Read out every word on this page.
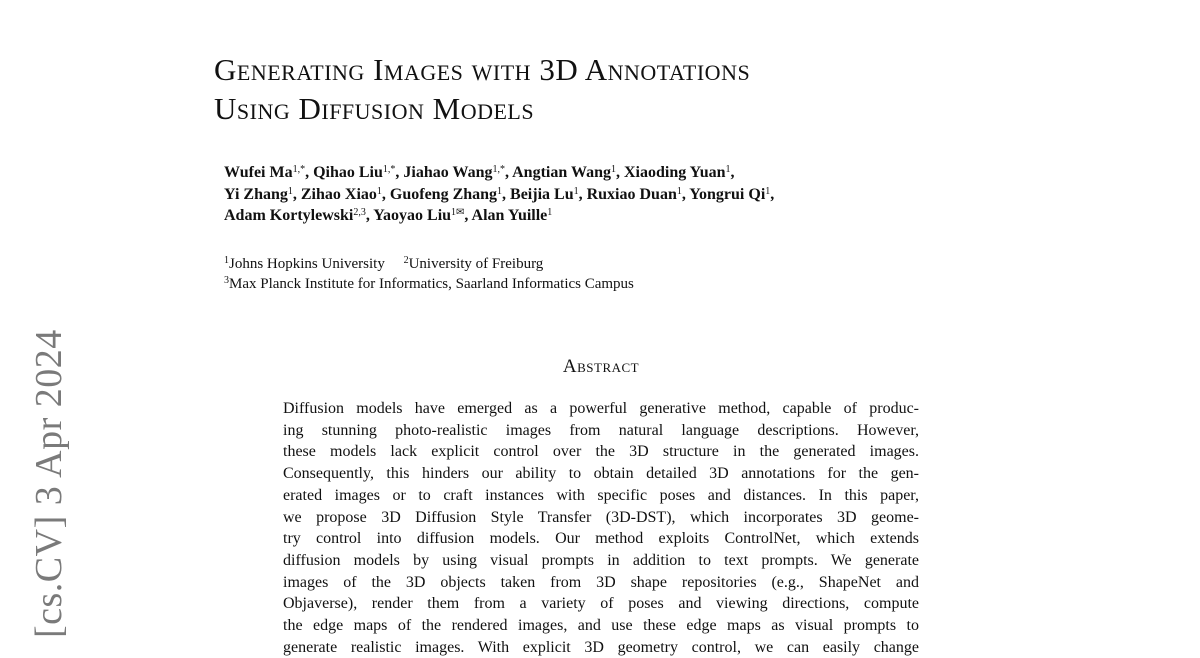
[cs.CV] 3 Apr 2024
Generating Images with 3D Annotations
Using Diffusion Models
Wufei $Ma^{1,*}$, Qihao Liu$^{1,*}$, Jiahao Wang$^{1,*}$, Angtian Wang$^1$, Xiaoding Yuan$^1$,
Yi Zhang$^1$, Zihao Xiao$^1$, Guofeng Zhang$^1$, Beijia Lu$^1$, Ruxiao Duan$^1$, Yongrui Qi$^1$,
Adam Kortylewski$^{2,3}$, Yaoyao Liu$^{1✉}$, Alan Yuille$^1$
$^1$Johns Hopkins University $^2$University of Freiburg
$^3$Max Planck Institute for Informatics, Saarland Informatics Campus
Abstract
Diffusion models have emerged as a powerful generative method, capable of produc-
ing stunning photo-realistic images from natural language descriptions. However,
these models lack explicit control over the 3D structure in the generated images.
Consequently, this hinders our ability to obtain detailed 3D annotations for the gen-
erated images or to craft instances with specific poses and distances. In this paper,
we propose 3D Diffusion Style Transfer (3D-DST), which incorporates 3D geome-
try control into diffusion models. Our method exploits ControlNet, which extends
diffusion models by using visual prompts in addition to text prompts. We generate
images of the 3D objects taken from 3D shape repositories (e.g., ShapeNet and
Objaverse), render them from a variety of poses and viewing directions, compute
the edge maps of the rendered images, and use these edge maps as visual prompts to
generate realistic images. With explicit 3D geometry control, we can easily change
